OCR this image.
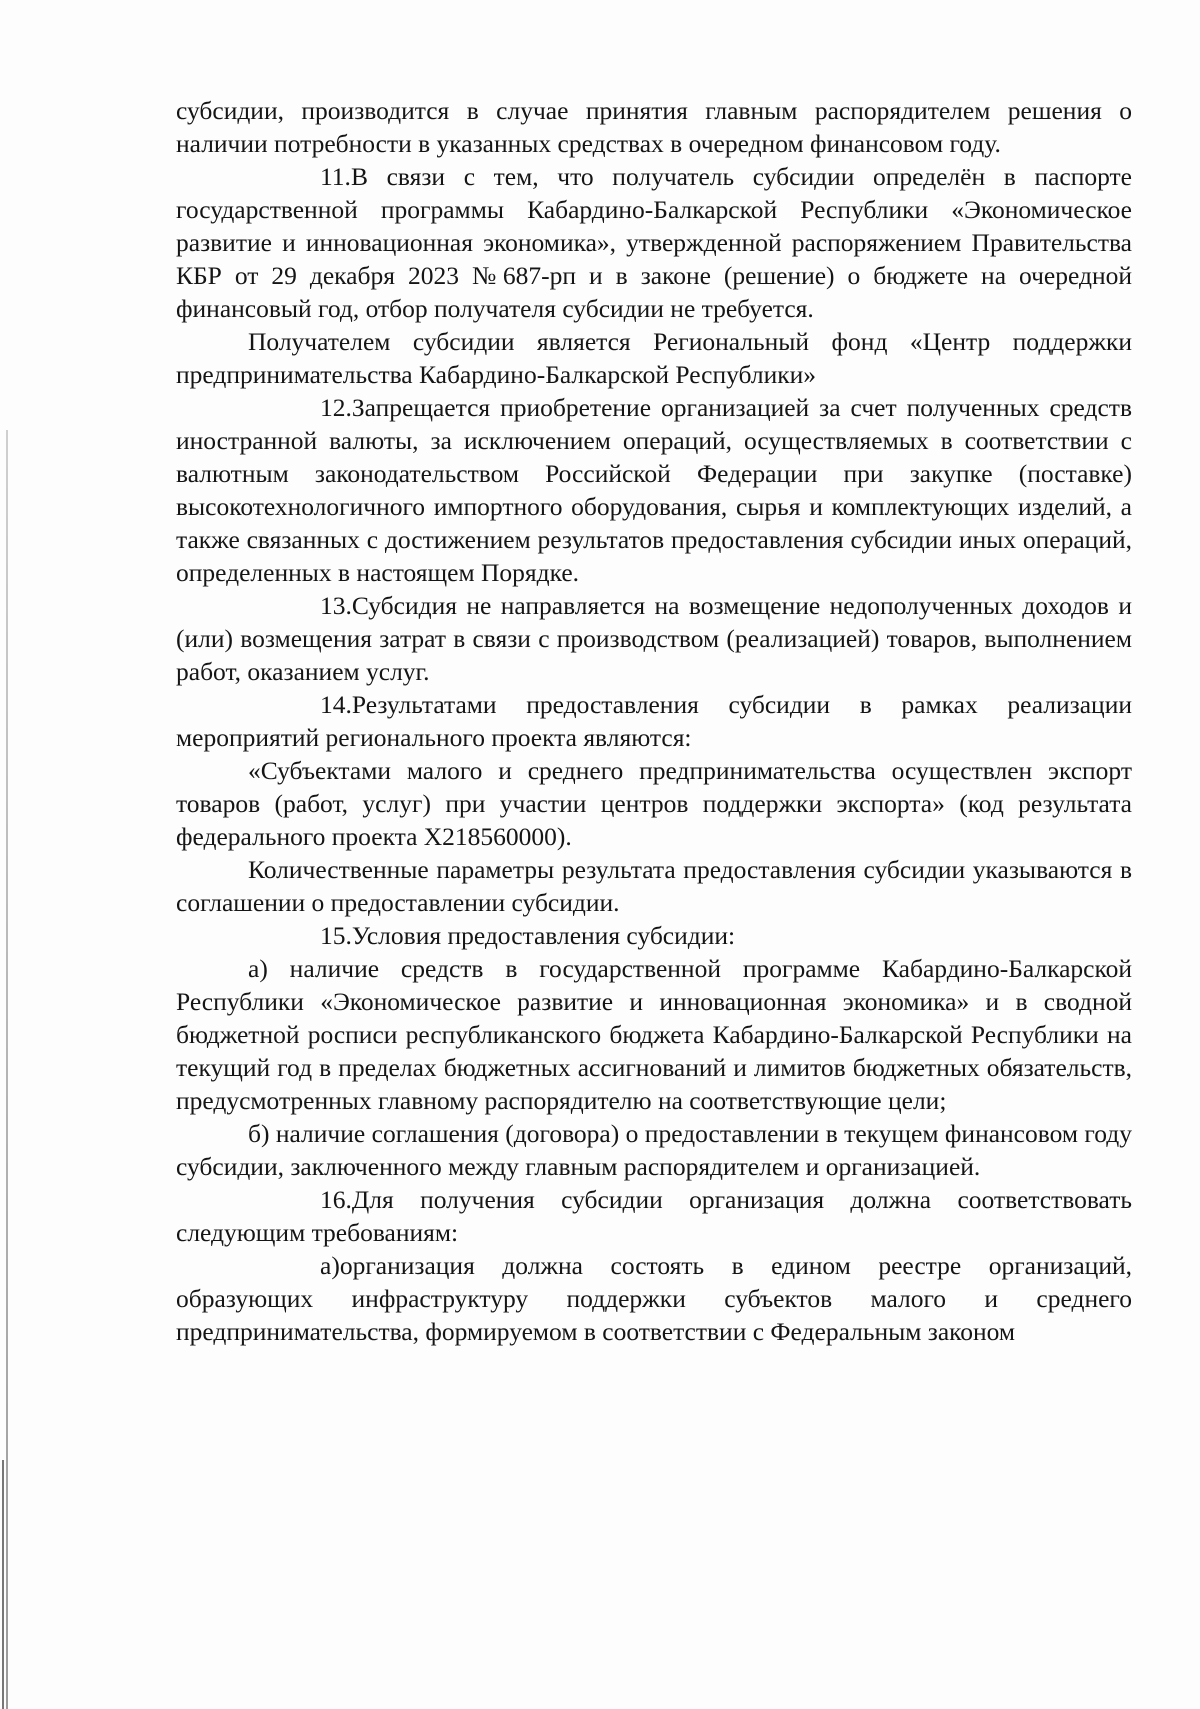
субсидии, производится в случае принятия главным распорядителем решения о наличии потребности в указанных средствах в очередном финансовом году.

11.В связи с тем, что получатель субсидии определён в паспорте государственной программы Кабардино-Балкарской Республики «Экономическое развитие и инновационная экономика», утвержденной распоряжением Правительства КБР от 29 декабря 2023 №687-рп и в законе (решение) о бюджете на очередной финансовый год, отбор получателя субсидии не требуется.

Получателем субсидии является Региональный фонд «Центр поддержки предпринимательства Кабардино-Балкарской Республики»

12.Запрещается приобретение организацией за счет полученных средств иностранной валюты, за исключением операций, осуществляемых в соответствии с валютным законодательством Российской Федерации при закупке (поставке) высокотехнологичного импортного оборудования, сырья и комплектующих изделий, а также связанных с достижением результатов предоставления субсидии иных операций, определенных в настоящем Порядке.

13.Субсидия не направляется на возмещение недополученных доходов и (или) возмещения затрат в связи с производством (реализацией) товаров, выполнением работ, оказанием услуг.

14.Результатами предоставления субсидии в рамках реализации мероприятий регионального проекта являются:

«Субъектами малого и среднего предпринимательства осуществлен экспорт товаров (работ, услуг) при участии центров поддержки экспорта» (код результата федерального проекта Х218560000).

Количественные параметры результата предоставления субсидии указываются в соглашении о предоставлении субсидии.

15.Условия предоставления субсидии:

а) наличие средств в государственной программе Кабардино-Балкарской Республики «Экономическое развитие и инновационная экономика» и в сводной бюджетной росписи республиканского бюджета Кабардино-Балкарской Республики на текущий год в пределах бюджетных ассигнований и лимитов бюджетных обязательств, предусмотренных главному распорядителю на соответствующие цели;

б) наличие соглашения (договора) о предоставлении в текущем финансовом году субсидии, заключенного между главным распорядителем и организацией.

16.Для получения субсидии организация должна соответствовать следующим требованиям:

а)организация должна состоять в едином реестре организаций, образующих инфраструктуру поддержки субъектов малого и среднего предпринимательства, формируемом в соответствии с Федеральным законом
